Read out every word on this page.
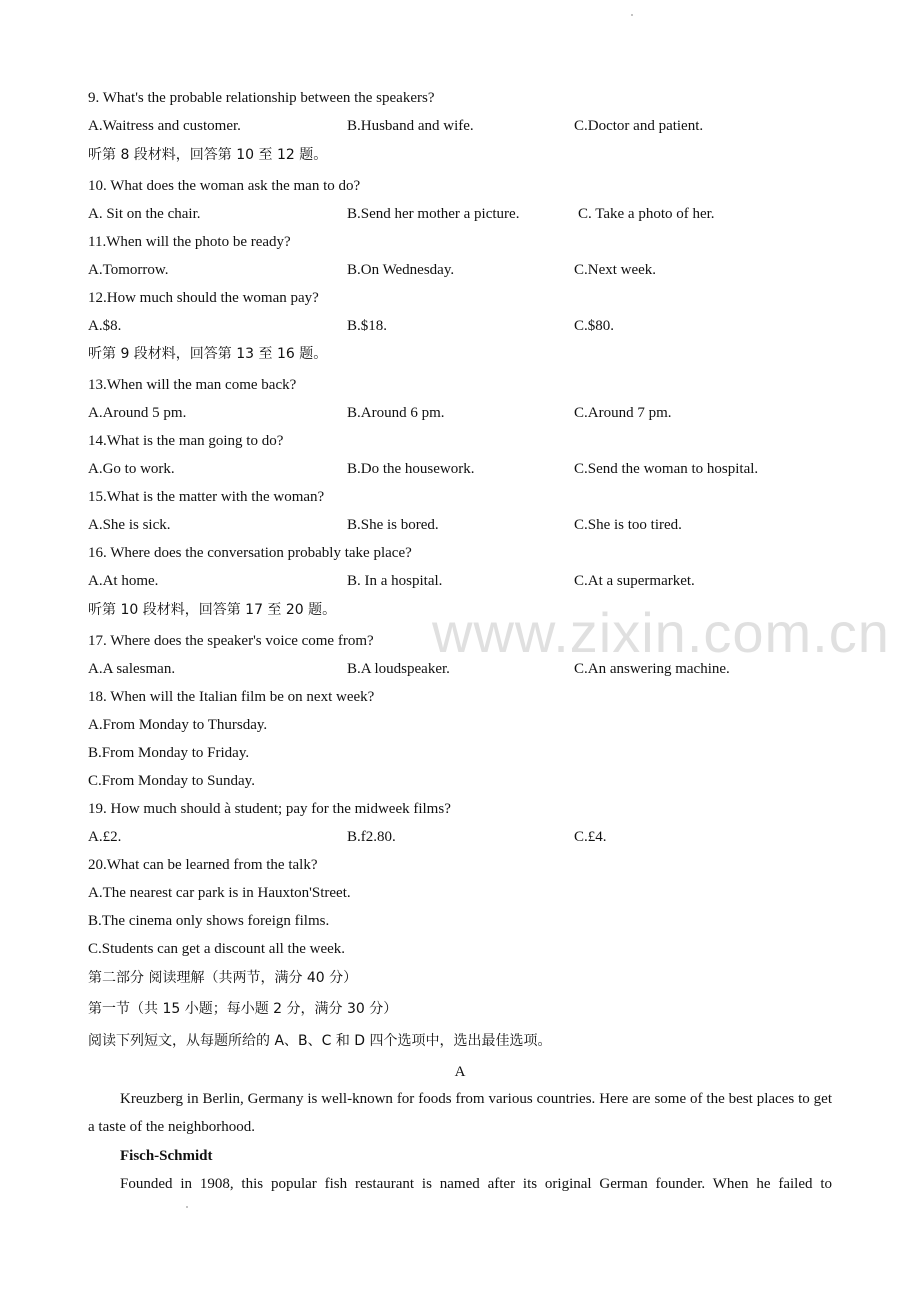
www.zixin.com.cn
9. What's the probable relationship between the speakers?
A.Waitress and customer.	B.Husband and wife.	C.Doctor and patient.
听第 8 段材料，回答第 10 至 12 题。
10. What does the woman ask the man to do?
A. Sit on the chair.	B.Send her mother a picture.	C. Take a photo of her.
11.When will the photo be ready?
A.Tomorrow.	B.On Wednesday.	C.Next week.
12.How much should the woman pay?
A.$8.	B.$18.	C.$80.
听第 9 段材料，回答第 13 至 16 题。
13.When will the man come back?
A.Around 5 pm.	B.Around 6 pm.	C.Around 7 pm.
14.What is the man going to do?
A.Go to work.	B.Do the housework.	C.Send the woman to hospital.
15.What is the matter with the woman?
A.She is sick.	B.She is bored.	C.She is too tired.
16. Where does the conversation probably take place?
A.At home.	B. In a hospital.	C.At a supermarket.
听第 10 段材料，回答第 17 至 20 题。
17. Where does the speaker's voice come from?
A.A salesman.	B.A loudspeaker.	C.An answering machine.
18. When will the Italian film be on next week?
A.From Monday to Thursday.
B.From Monday to Friday.
C.From Monday to Sunday.
19. How much should à student; pay for the midweek films?
A.£2.	B.f2.80.	C.£4.
20.What can be learned from the talk?
A.The nearest car park is in Hauxton'Street.
B.The cinema only shows foreign films.
C.Students can get a discount all the week.
第二部分 阅读理解（共两节，满分 40 分）
第一节（共 15 小题；每小题 2 分，满分 30 分）
阅读下列短文，从每题所给的 A、B、C 和 D 四个选项中，选出最佳选项。
A
Kreuzberg in Berlin, Germany is well-known for foods from various countries. Here are some of the best places to get a taste of the neighborhood.
Fisch-Schmidt
Founded in 1908, this popular fish restaurant is named after its original German founder. When he failed to
